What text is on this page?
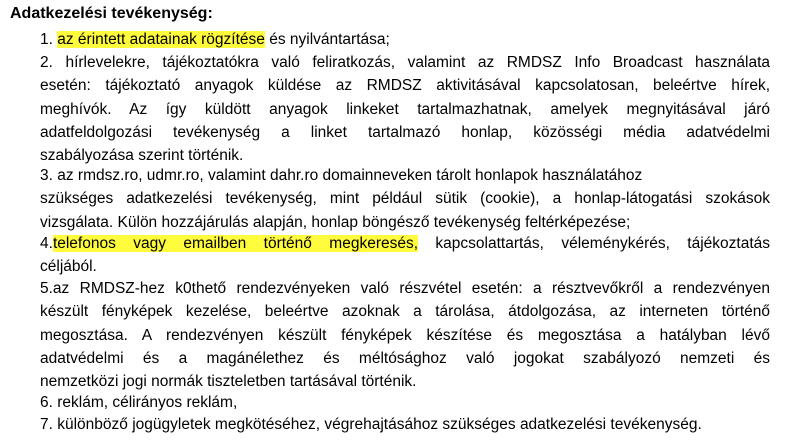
Adatkezelési tevékenység:
1. az érintett adatainak rögzítése és nyilvántartása;
2. hírlevelekre, tájékoztatókra való feliratkozás, valamint az RMDSZ Info Broadcast használata
esetén: tájékoztató anyagok küldése az RMDSZ aktivitásával kapcsolatosan, beleértve hírek,
meghívók. Az így küldött anyagok linkeket tartalmazhatnak, amelyek megnyitásával járó
adatfeldolgozási tevékenység a linket tartalmazó honlap, közösségi média adatvédelmi
szabályozása szerint történik.
3. az rmdsz.ro, udmr.ro, valamint dahr.ro domainneveken tárolt honlapok használatához
szükséges adatkezelési tevékenység, mint például sütik (cookie), a honlap-látogatási szokások
vizsgálata. Külön hozzájárulás alapján, honlap böngésző tevékenység feltérképezése;
4.telefonos vagy emailben történő megkeresés, kapcsolattartás, véleménykérés, tájékoztatás
céljából.
5.az RMDSZ-hez k0thető rendezvényeken való részvétel esetén: a résztvevőkről a rendezvényen
készült fényképek kezelése, beleértve azoknak a tárolása, átdolgozása, az interneten történő
megosztása. A rendezvényen készült fényképek készítése és megosztása a hatályban lévő
adatvédelmi és a magánélethez és méltósághoz való jogokat szabályozó nemzeti és
nemzetközi jogi normák tiszteletben tartásával történik.
6. reklám, célirányos reklám,
7. különböző jogügyletek megkötéséhez, végrehajtásához szükséges adatkezelési tevékenység.
